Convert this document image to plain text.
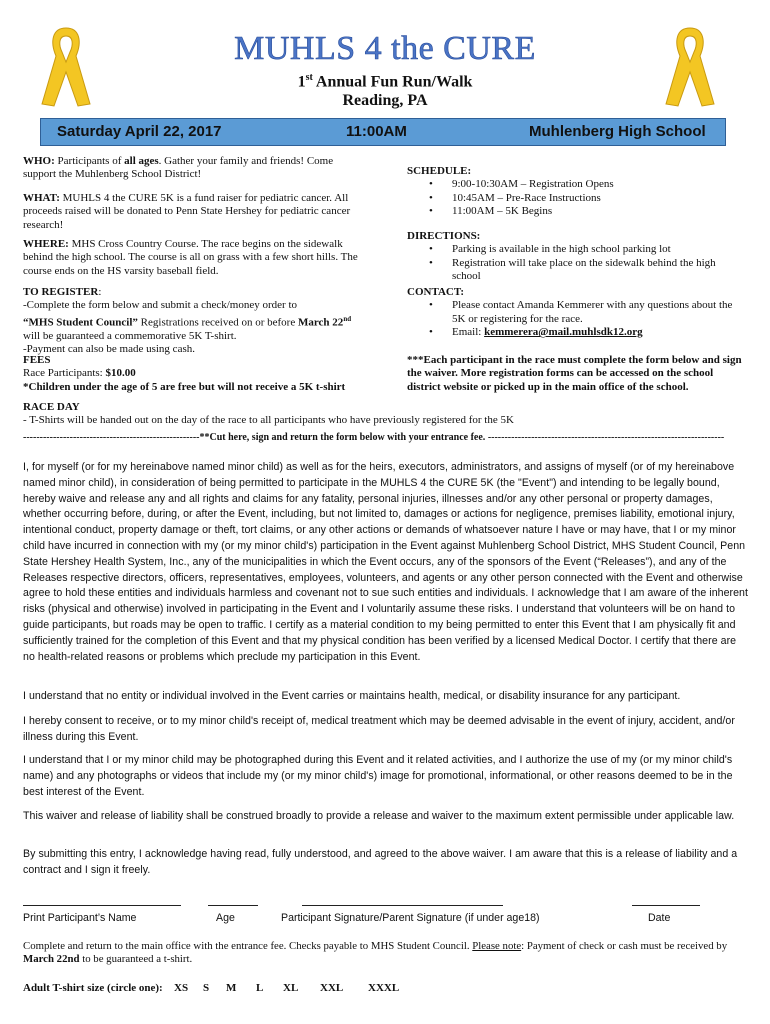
MUHLS 4 the CURE
1st Annual Fun Run/Walk
Reading, PA
Saturday April 22, 2017	11:00AM	Muhlenberg High School
WHO: Participants of all ages. Gather your family and friends! Come support the Muhlenberg School District!
WHAT: MUHLS 4 the CURE 5K is a fund raiser for pediatric cancer. All proceeds raised will be donated to Penn State Hershey for pediatric cancer research!
WHERE: MHS Cross Country Course. The race begins on the sidewalk behind the high school. The course is all on grass with a few short hills. The course ends on the HS varsity baseball field.
TO REGISTER:
-Complete the form below and submit a check/money order to
“MHS Student Council” Registrations received on or before March 22nd will be guaranteed a commemorative 5K T-shirt.
-Payment can also be made using cash.
FEES
Race Participants: $10.00
*Children under the age of 5 are free but will not receive a 5K t-shirt
SCHEDULE:
• 9:00-10:30AM – Registration Opens
• 10:45AM – Pre-Race Instructions
• 11:00AM – 5K Begins
DIRECTIONS:
• Parking is available in the high school parking lot
• Registration will take place on the sidewalk behind the high school
CONTACT:
• Please contact Amanda Kemmerer with any questions about the 5K or registering for the race.
• Email: kemmerera@mail.muhlsdk12.org
***Each participant in the race must complete the form below and sign the waiver. More registration forms can be accessed on the school district website or picked up in the main office of the school.
RACE DAY
- T-Shirts will be handed out on the day of the race to all participants who have previously registered for the 5K
-----------------------------------------------------**Cut here, sign and return the form below with your entrance fee. -----------------------------------------------------------------------
I, for myself (or for my hereinabove named minor child) as well as for the heirs, executors, administrators, and assigns of myself (or of my hereinabove named minor child), in consideration of being permitted to participate in the MUHLS 4 the CURE 5K (the "Event") and intending to be legally bound, hereby waive and release any and all rights and claims for any fatality, personal injuries, illnesses and/or any other personal or property damages, whether occurring before, during, or after the Event, including, but not limited to, damages or actions for negligence, premises liability, emotional injury, intentional conduct, property damage or theft, tort claims, or any other actions or demands of whatsoever nature I have or may have, that I or my minor child have incurred in connection with my (or my minor child's) participation in the Event against Muhlenberg School District, MHS Student Council, Penn State Hershey Health System, Inc., any of the municipalities in which the Event occurs, any of the sponsors of the Event (“Releases”), and any of the Releases respective directors, officers, representatives, employees, volunteers, and agents or any other person connected with the Event and otherwise agree to hold these entities and individuals harmless and covenant not to sue such entities and individuals. I acknowledge that I am aware of the inherent risks (physical and otherwise) involved in participating in the Event and I voluntarily assume these risks. I understand that volunteers will be on hand to guide participants, but roads may be open to traffic. I certify as a material condition to my being permitted to enter this Event that I am physically fit and sufficiently trained for the completion of this Event and that my physical condition has been verified by a licensed Medical Doctor. I certify that there are no health-related reasons or problems which preclude my participation in this Event.
I understand that no entity or individual involved in the Event carries or maintains health, medical, or disability insurance for any participant.
I hereby consent to receive, or to my minor child's receipt of, medical treatment which may be deemed advisable in the event of injury, accident, and/or illness during this Event.
I understand that I or my minor child may be photographed during this Event and it related activities, and I authorize the use of my (or my minor child's name) and any photographs or videos that include my (or my minor child's) image for promotional, informational, or other reasons deemed to be in the best interest of the Event.
This waiver and release of liability shall be construed broadly to provide a release and waiver to the maximum extent permissible under applicable law.
By submitting this entry, I acknowledge having read, fully understood, and agreed to the above waiver. I am aware that this is a release of liability and a contract and I sign it freely.
Print Participant’s Name	Age	Participant Signature/Parent Signature (if under age18)	Date
Complete and return to the main office with the entrance fee. Checks payable to MHS Student Council. Please note: Payment of check or cash must be received by March 22nd to be guaranteed a t-shirt.
Adult T-shirt size (circle one): XS S M L XL XXL XXXL
